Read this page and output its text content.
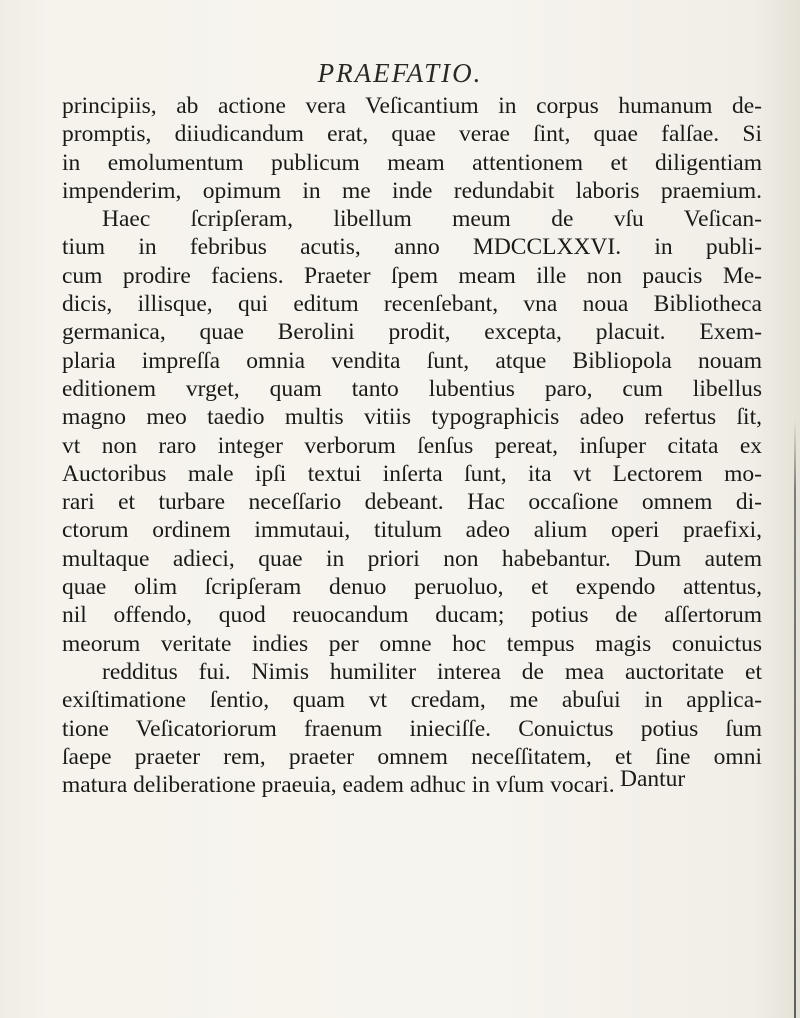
PRAEFATIO.
principiis, ab actione vera Veſicantium in corpus humanum de-
promptis, diiudicandum erat, quae verae ſint, quae falſae. Si
in emolumentum publicum meam attentionem et diligentiam
impenderim, opimum in me inde redundabit laboris praemium.
Haec ſcripſeram, libellum meum de vſu Veſican-
tium in febribus acutis, anno MDCCLXXVI. in publi-
cum prodire faciens. Praeter ſpem meam ille non paucis Me-
dicis, illisque, qui editum recenſebant, vna noua Bibliotheca
germanica, quae Berolini prodit, excepta, placuit. Exem-
plaria impreſſa omnia vendita ſunt, atque Bibliopola nouam
editionem vrget, quam tanto lubentius paro, cum libellus
magno meo taedio multis vitiis typographicis adeo refertus ſit,
vt non raro integer verborum ſenſus pereat, inſuper citata ex
Auctoribus male ipſi textui inſerta ſunt, ita vt Lectorem mo-
rari et turbare neceſſario debeant. Hac occaſione omnem di-
ctorum ordinem immutaui, titulum adeo alium operi praefixi,
multaque adieci, quae in priori non habebantur. Dum autem
quae olim ſcripſeram denuo peruoluo, et expendo attentus,
nil offendo, quod reuocandum ducam; potius de aſſertorum
meorum veritate indies per omne hoc tempus magis conuictus
redditus fui. Nimis humiliter interea de mea auctoritate et
exiſtimatione ſentio, quam vt credam, me abuſui in applica-
tione Veſicatoriorum fraenum inieciſſe. Conuictus potius ſum
ſaepe praeter rem, praeter omnem neceſſitatem, et ſine omni
matura deliberatione praeuia, eadem adhuc in vſum vocari. Dantur
